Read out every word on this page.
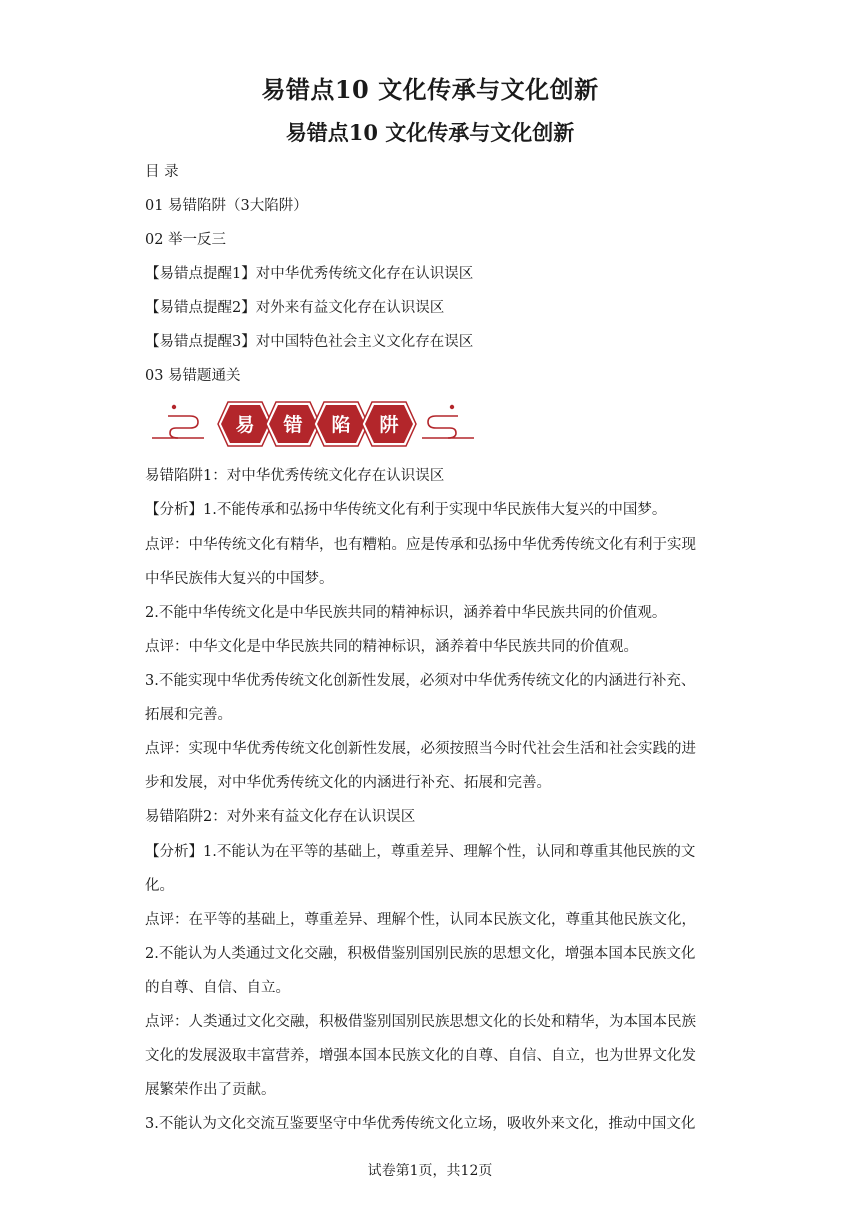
易错点10 文化传承与文化创新
易错点10 文化传承与文化创新
目 录
01 易错陷阱（3大陷阱）
02 举一反三
【易错点提醒1】对中华优秀传统文化存在认识误区
【易错点提醒2】对外来有益文化存在认识误区
【易错点提醒3】对中国特色社会主义文化存在误区
03 易错题通关
易 错 陷 阱
易错陷阱1：对中华优秀传统文化存在认识误区
【分析】1.不能传承和弘扬中华传统文化有利于实现中华民族伟大复兴的中国梦。
点评：中华传统文化有精华，也有糟粕。应是传承和弘扬中华优秀传统文化有利于实现
中华民族伟大复兴的中国梦。
2.不能中华传统文化是中华民族共同的精神标识，涵养着中华民族共同的价值观。
点评：中华文化是中华民族共同的精神标识，涵养着中华民族共同的价值观。
3.不能实现中华优秀传统文化创新性发展，必须对中华优秀传统文化的内涵进行补充、
拓展和完善。
点评：实现中华优秀传统文化创新性发展，必须按照当今时代社会生活和社会实践的进
步和发展，对中华优秀传统文化的内涵进行补充、拓展和完善。
易错陷阱2：对外来有益文化存在认识误区
【分析】1.不能认为在平等的基础上，尊重差异、理解个性，认同和尊重其他民族的文
化。
点评：在平等的基础上，尊重差异、理解个性，认同本民族文化，尊重其他民族文化，
2.不能认为人类通过文化交融，积极借鉴别国别民族的思想文化，增强本国本民族文化
的自尊、自信、自立。
点评：人类通过文化交融，积极借鉴别国别民族思想文化的长处和精华，为本国本民族
文化的发展汲取丰富营养，增强本国本民族文化的自尊、自信、自立，也为世界文化发
展繁荣作出了贡献。
3.不能认为文化交流互鉴要坚守中华优秀传统文化立场，吸收外来文化，推动中国文化
试卷第1页，共12页
